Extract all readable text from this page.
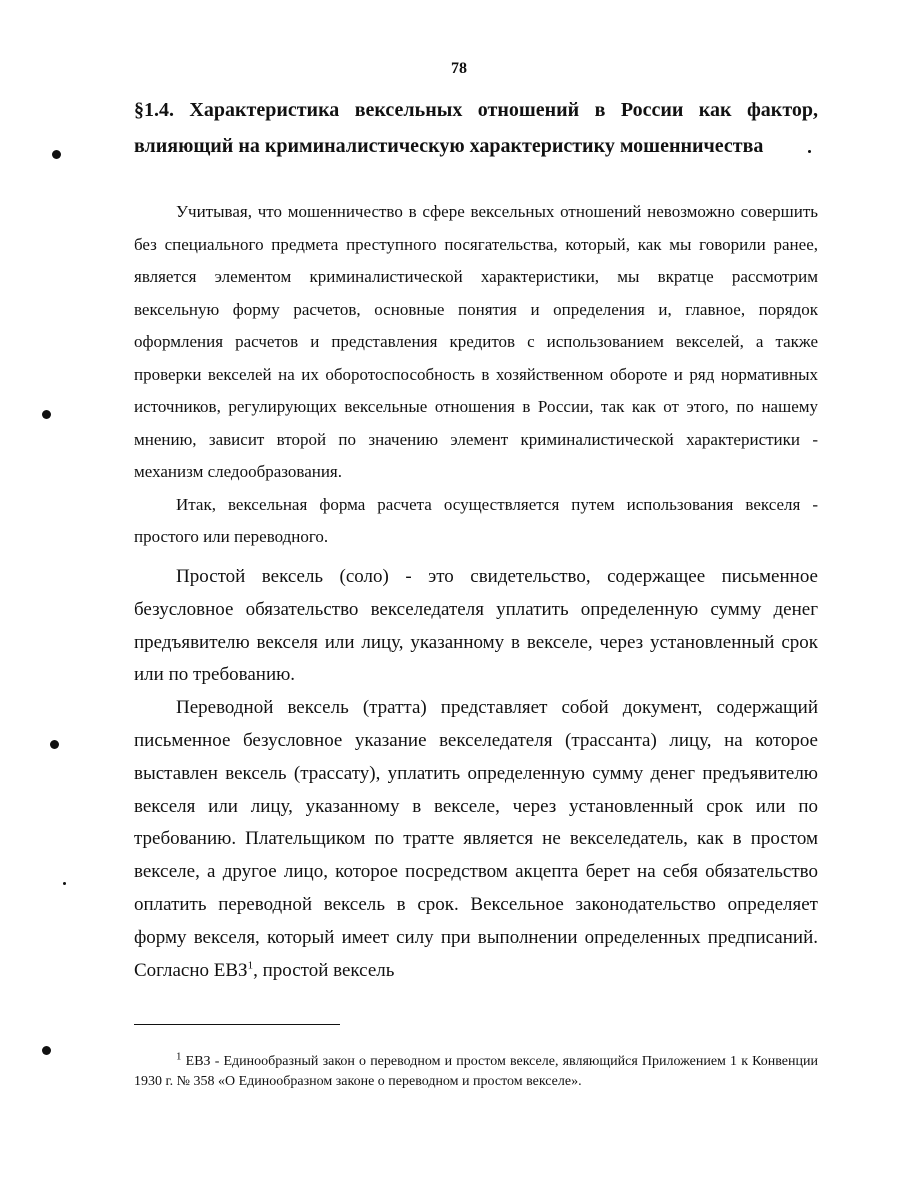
78
§1.4. Характеристика вексельных отношений в России как фактор,
влияющий на криминалистическую характеристику мошенничества

Учитывая, что мошенничество в сфере вексельных отношений невозможно совершить без специального предмета преступного посягательства, который, как мы говорили ранее, является элементом криминалистической характеристики, мы вкратце рассмотрим вексельную форму расчетов, основные понятия и определения и, главное, порядок оформления расчетов и представления кредитов с использованием векселей, а также проверки векселей на их оборотоспособность в хозяйственном обороте и ряд нормативных источников, регулирующих вексельные отношения в России, так как от этого, по нашему мнению, зависит второй по значению элемент криминалистической характеристики - механизм следообразования.

Итак, вексельная форма расчета осуществляется путем использования векселя - простого или переводного.

Простой вексель (соло) - это свидетельство, содержащее письменное безусловное обязательство векселедателя уплатить определенную сумму денег предъявителю векселя или лицу, указанному в векселе, через установленный срок или по требованию.

Переводной вексель (тратта) представляет собой документ, содержащий письменное безусловное указание векселедателя (трассанта) лицу, на которое выставлен вексель (трассату), уплатить определенную сумму денег предъявителю векселя или лицу, указанному в векселе, через установленный срок или по требованию. Плательщиком по тратте является не векселедатель, как в простом векселе, а другое лицо, которое посредством акцепта берет на себя обязательство оплатить переводной вексель в срок. Вексельное законодательство определяет форму векселя, который имеет силу при выполнении определенных предписаний. Согласно ЕВЗ$^1$, простой вексель

$^1$ ЕВЗ - Единообразный закон о переводном и простом векселе, являющийся Приложением 1 к Конвенции 1930 г. № 358 «О Единообразном законе о переводном и простом векселе».
